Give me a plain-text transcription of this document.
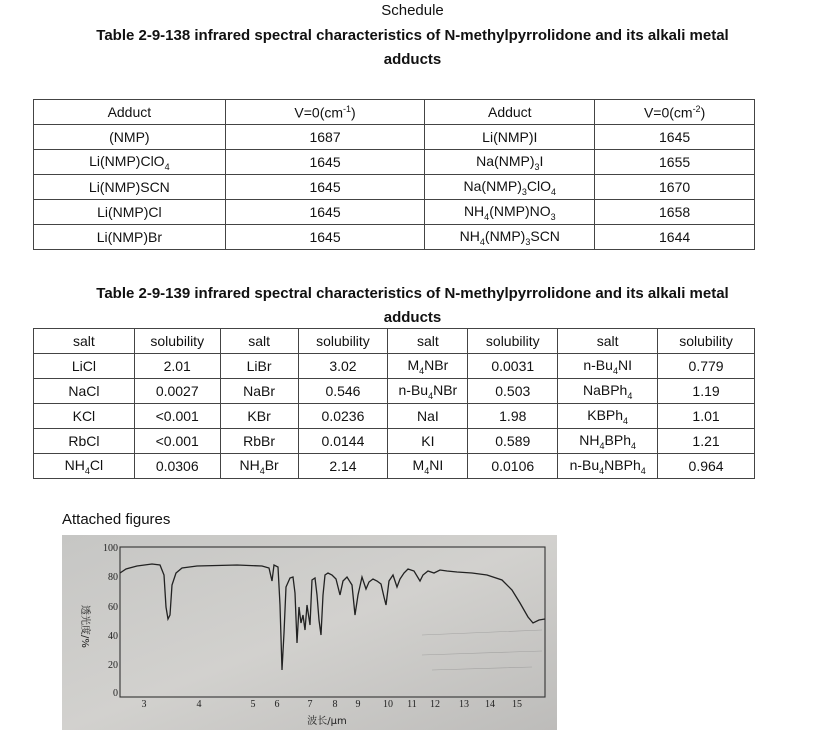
Schedule
Table 2-9-138 infrared spectral characteristics of N-methylpyrrolidone and its alkali metal
adducts
Adduct	$V=0(cm^{-1})$	Adduct	$V=0(cm^{-2})$
(NMP)	1687	Li(NMP)I	1645
Li(NMP)ClO$_4$	1645	$Na(NMP)_3I$	1655
Li(NMP)SCN	1645	$Na(NMP)_3ClO_4$	1670
Li(NMP)Cl	1645	$NH_4(NMP)NO_3$	1658
Li(NMP)Br	1645	$NH_4(NMP)_3SCN$	1644
Table 2-9-139 infrared spectral characteristics of N-methylpyrrolidone and its alkali metal
adducts
salt	solubility	salt	solubility	salt	solubility	salt	solubility
LiCl	2.01	LiBr	3.02	$M_4NBr$	0.0031	$n-Bu_4NI$	0.779
NaCl	0.0027	NaBr	0.546	$n-Bu_4NBr$	0.503	NaBPh$_4$	1.19
KCl	<0.001	KBr	0.0236	NaI	1.98	KBPh$_4$	1.01
RbCl	<0.001	RbBr	0.0144	KI	0.589	$NH_4BPh_4$	1.21
$NH_4Cl$	0.0306	$NH_4Br$	2.14	$M_4NI$	0.0106	$n-Bu_4NBPh_4$	0.964
Attached figures
100
80
60
40
20
0
透光度/%
3	4	5 6	7 8 9 10 11 12 13 14 15
波长/μm
